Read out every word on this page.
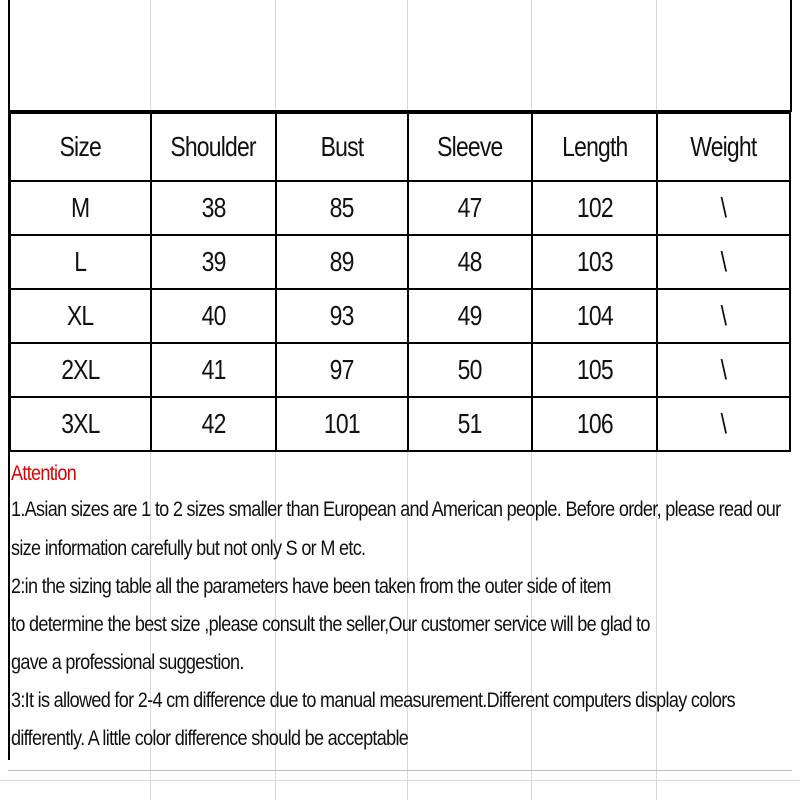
Size	Shoulder	Bust	Sleeve	Length	Weight
M	38	85	47	102	\
L	39	89	48	103	\
XL	40	93	49	104	\
2XL	41	97	50	105	\
3XL	42	101	51	106	\
Attention
1.Asian sizes are 1 to 2 sizes smaller than European and American people. Before order, please read our
size information carefully but not only S or M etc.
2:in the sizing table all the parameters have been taken from the outer side of item
to determine the best size ,please consult the seller,Our customer service will be glad to
gave a professional suggestion.
3:It is allowed for 2-4 cm difference due to manual measurement.Different computers display colors
differently. A little color difference should be acceptable
